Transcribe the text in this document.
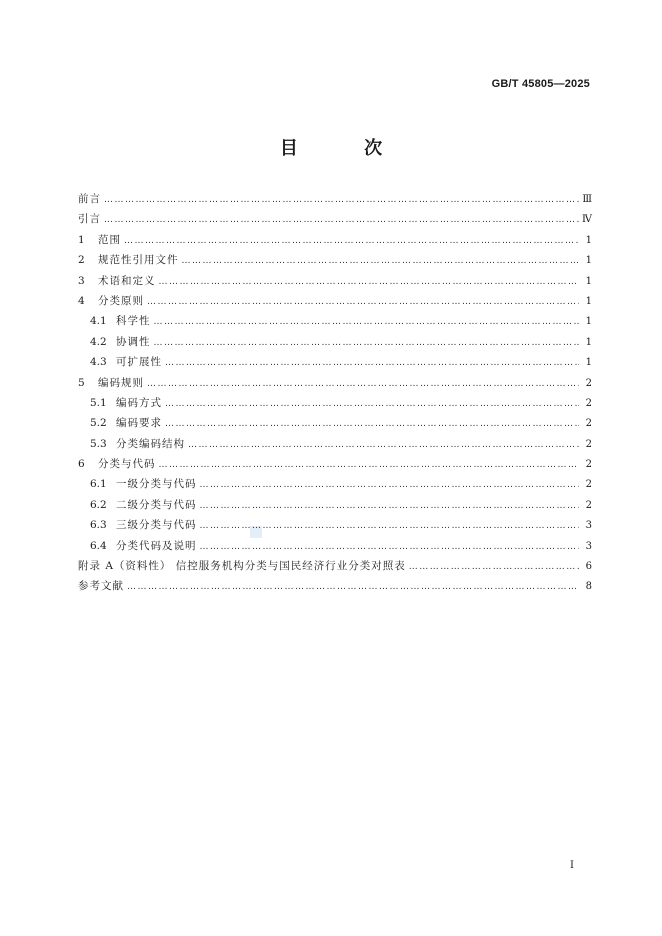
GB/T 45805—2025
目 次
前言 ……………………………………………………………………………………………………………………………………………………………………………………………………………	Ⅲ
引言 ……………………………………………………………………………………………………………………………………………………………………………………………………………	Ⅳ
1	范围 ……………………………………………………………………………………………………………………………………………………………………………………………………………	1
2	规范性引用文件 ……………………………………………………………………………………………………………………………………………………………………………………………………………	1
3	术语和定义 ……………………………………………………………………………………………………………………………………………………………………………………………………………	1
4	分类原则 ……………………………………………………………………………………………………………………………………………………………………………………………………………	1
4.1 科学性 ……………………………………………………………………………………………………………………………………………………………………………………………………………	1
4.2 协调性 ……………………………………………………………………………………………………………………………………………………………………………………………………………	1
4.3 可扩展性 ……………………………………………………………………………………………………………………………………………………………………………………………………………	1
5	编码规则 ……………………………………………………………………………………………………………………………………………………………………………………………………………	2
5.1 编码方式 ……………………………………………………………………………………………………………………………………………………………………………………………………………	2
5.2 编码要求 ……………………………………………………………………………………………………………………………………………………………………………………………………………	2
5.3 分类编码结构 ……………………………………………………………………………………………………………………………………………………………………………………………………………	2
6	分类与代码 ……………………………………………………………………………………………………………………………………………………………………………………………………………	2
6.1 一级分类与代码 ……………………………………………………………………………………………………………………………………………………………………………………………………………	2
6.2 二级分类与代码 ……………………………………………………………………………………………………………………………………………………………………………………………………………	2
6.3 三级分类与代码 ……………………………………………………………………………………………………………………………………………………………………………………………………………	3
6.4 分类代码及说明 ……………………………………………………………………………………………………………………………………………………………………………………………………………	3
附录 A（资料性） 信控服务机构分类与国民经济行业分类对照表 ……………………………………………………………………………………………………………………………………………………………………………………………………………	6
参考文献 ……………………………………………………………………………………………………………………………………………………………………………………………………………	8
I
